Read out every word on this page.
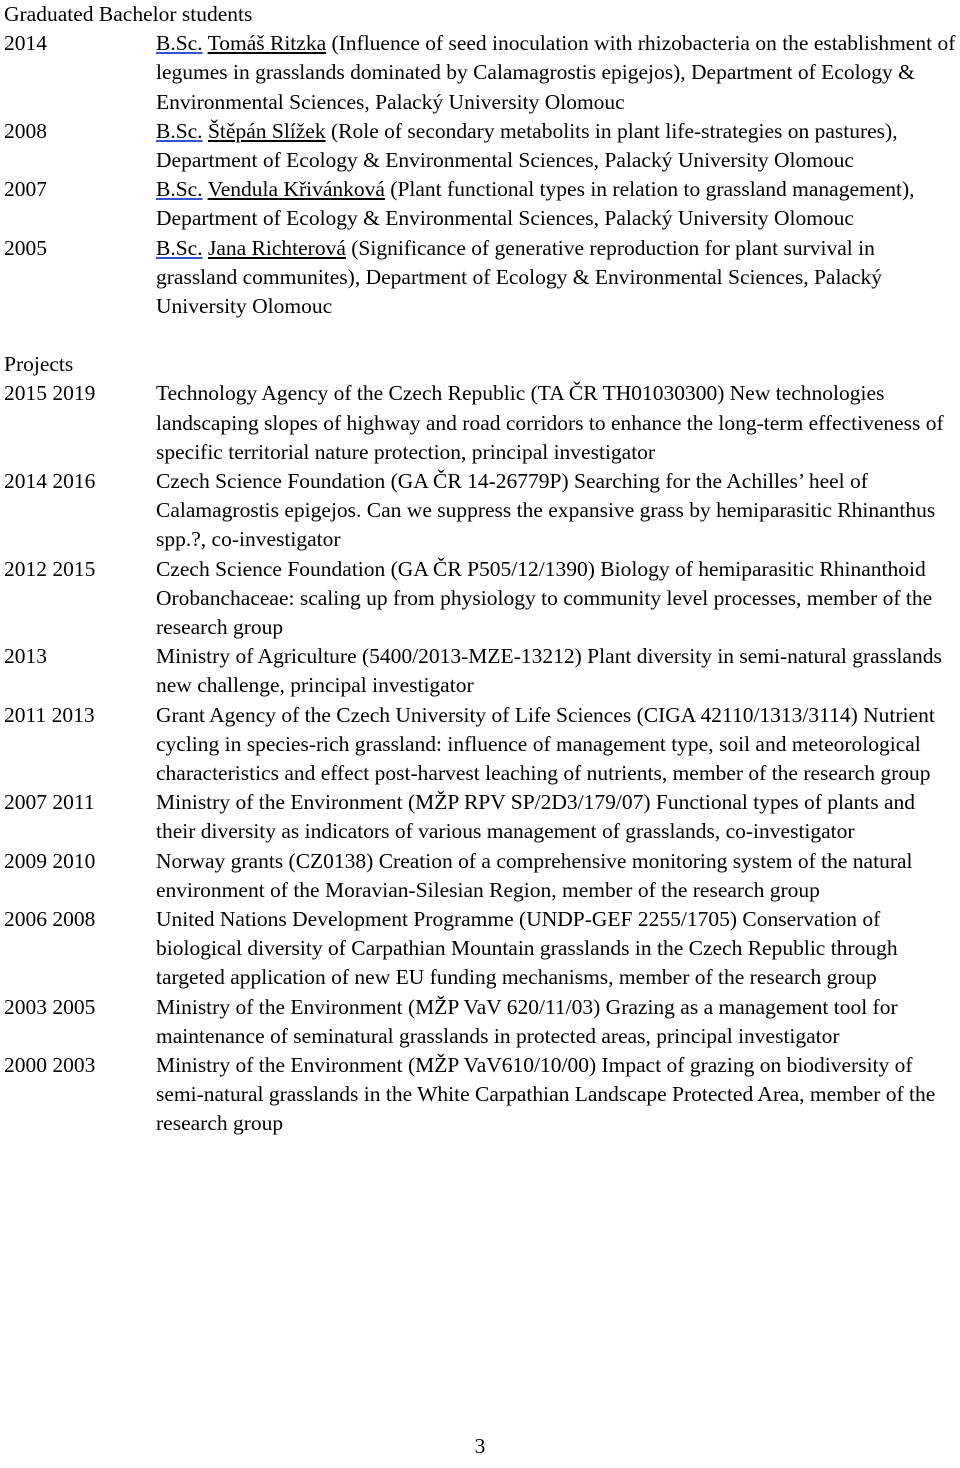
Graduated Bachelor students
2014	B.Sc. Tomáš Ritzka (Influence of seed inoculation with rhizobacteria on the establishment of legumes in grasslands dominated by Calamagrostis epigejos), Department of Ecology & Environmental Sciences, Palacký University Olomouc
2008	B.Sc. Štěpán Slížek (Role of secondary metabolits in plant life-strategies on pastures), Department of Ecology & Environmental Sciences, Palacký University Olomouc
2007	B.Sc. Vendula Křivánková (Plant functional types in relation to grassland management), Department of Ecology & Environmental Sciences, Palacký University Olomouc
2005	B.Sc. Jana Richterová (Significance of generative reproduction for plant survival in grassland communites), Department of Ecology & Environmental Sciences, Palacký University Olomouc
Projects
2015 2019	Technology Agency of the Czech Republic (TA ČR TH01030300) New technologies landscaping slopes of highway and road corridors to enhance the long-term effectiveness of specific territorial nature protection, principal investigator
2014 2016	Czech Science Foundation (GA ČR 14-26779P) Searching for the Achilles’ heel of Calamagrostis epigejos. Can we suppress the expansive grass by hemiparasitic Rhinanthus spp.?, co-investigator
2012 2015	Czech Science Foundation (GA ČR P505/12/1390) Biology of hemiparasitic Rhinanthoid Orobanchaceae: scaling up from physiology to community level processes, member of the research group
2013	Ministry of Agriculture (5400/2013-MZE-13212) Plant diversity in semi-natural grasslands new challenge, principal investigator
2011 2013	Grant Agency of the Czech University of Life Sciences (CIGA 42110/1313/3114) Nutrient cycling in species-rich grassland: influence of management type, soil and meteorological characteristics and effect post-harvest leaching of nutrients, member of the research group
2007 2011	Ministry of the Environment (MŽP RPV SP/2D3/179/07) Functional types of plants and their diversity as indicators of various management of grasslands, co-investigator
2009 2010	Norway grants (CZ0138) Creation of a comprehensive monitoring system of the natural environment of the Moravian-Silesian Region, member of the research group
2006 2008	United Nations Development Programme (UNDP-GEF 2255/1705) Conservation of biological diversity of Carpathian Mountain grasslands in the Czech Republic through targeted application of new EU funding mechanisms, member of the research group
2003 2005	Ministry of the Environment (MŽP VaV 620/11/03) Grazing as a management tool for maintenance of seminatural grasslands in protected areas, principal investigator
2000 2003	Ministry of the Environment (MŽP VaV610/10/00) Impact of grazing on biodiversity of semi-natural grasslands in the White Carpathian Landscape Protected Area, member of the research group
3
